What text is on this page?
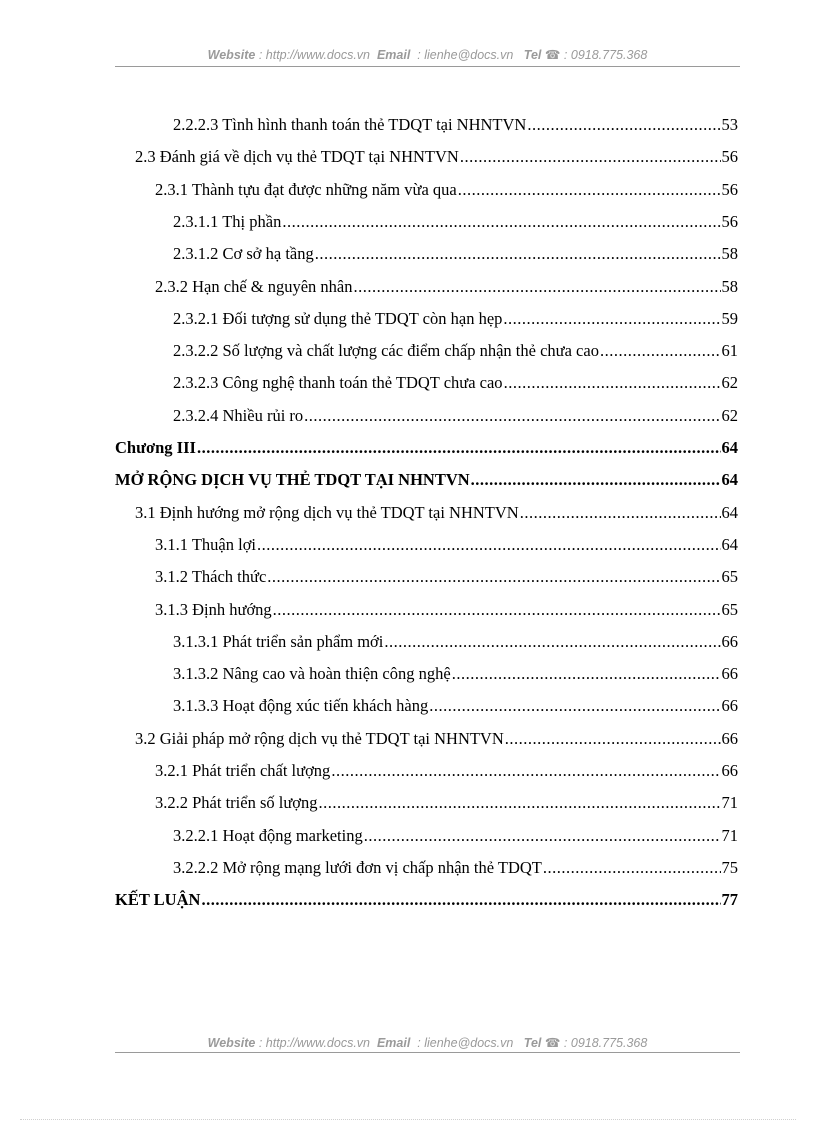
Website : http://www.docs.vn Email : lienhe@docs.vn Tel ☎ : 0918.775.368
2.2.2.3 Tình hình thanh toán thẻ TDQT tại NHNTVN .....	53
2.3 Đánh giá về dịch vụ thẻ TDQT tại NHNTVN .....	56
2.3.1 Thành tựu đạt được những năm vừa qua .....	56
2.3.1.1 Thị phần .....	56
2.3.1.2 Cơ sở hạ tầng .....	58
2.3.2 Hạn chế & nguyên nhân .....	58
2.3.2.1 Đối tượng sử dụng thẻ TDQT còn hạn hẹp .....	59
2.3.2.2 Số lượng và chất lượng các điểm chấp nhận thẻ chưa cao .....	61
2.3.2.3 Công nghệ thanh toán thẻ TDQT chưa cao .....	62
2.3.2.4 Nhiều rủi ro .....	62
Chương III .....	64
MỞ RỘNG DỊCH VỤ THẺ TDQT TẠI NHNTVN .....	64
3.1 Định hướng mở rộng dịch vụ thẻ TDQT tại NHNTVN .....	64
3.1.1 Thuận lợi .....	64
3.1.2 Thách thức .....	65
3.1.3 Định hướng .....	65
3.1.3.1 Phát triển sản phẩm mới .....	66
3.1.3.2 Nâng cao và hoàn thiện công nghệ .....	66
3.1.3.3 Hoạt động xúc tiến khách hàng .....	66
3.2 Giải pháp mở rộng dịch vụ thẻ TDQT tại NHNTVN .....	66
3.2.1 Phát triển chất lượng .....	66
3.2.2 Phát triển số lượng .....	71
3.2.2.1 Hoạt động marketing .....	71
3.2.2.2 Mở rộng mạng lưới đơn vị chấp nhận thẻ TDQT .....	75
KẾT LUẬN .....	77
Website : http://www.docs.vn Email : lienhe@docs.vn Tel ☎ : 0918.775.368
